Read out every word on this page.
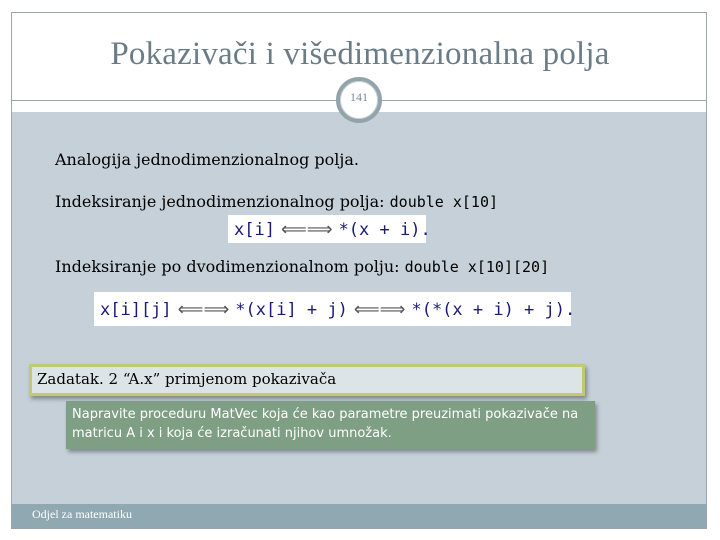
Pokazivači i višedimenzionalna polja
141
Analogija jednodimenzionalnog polja.
Indeksiranje jednodimenzionalnog polja: double x[10]
x[i] ⟸⟹ *(x + i).
Indeksiranje po dvodimenzionalnom polju: double x[10][20]
x[i][j] ⟸⟹ *(x[i] + j) ⟸⟹ *(*(x + i) + j).
Zadatak. 2 “A.x” primjenom pokazivača
Napravite proceduru MatVec koja će kao parametre preuzimati pokazivače na matricu A i x i koja će izračunati njihov umnožak.
Odjel za matematiku
